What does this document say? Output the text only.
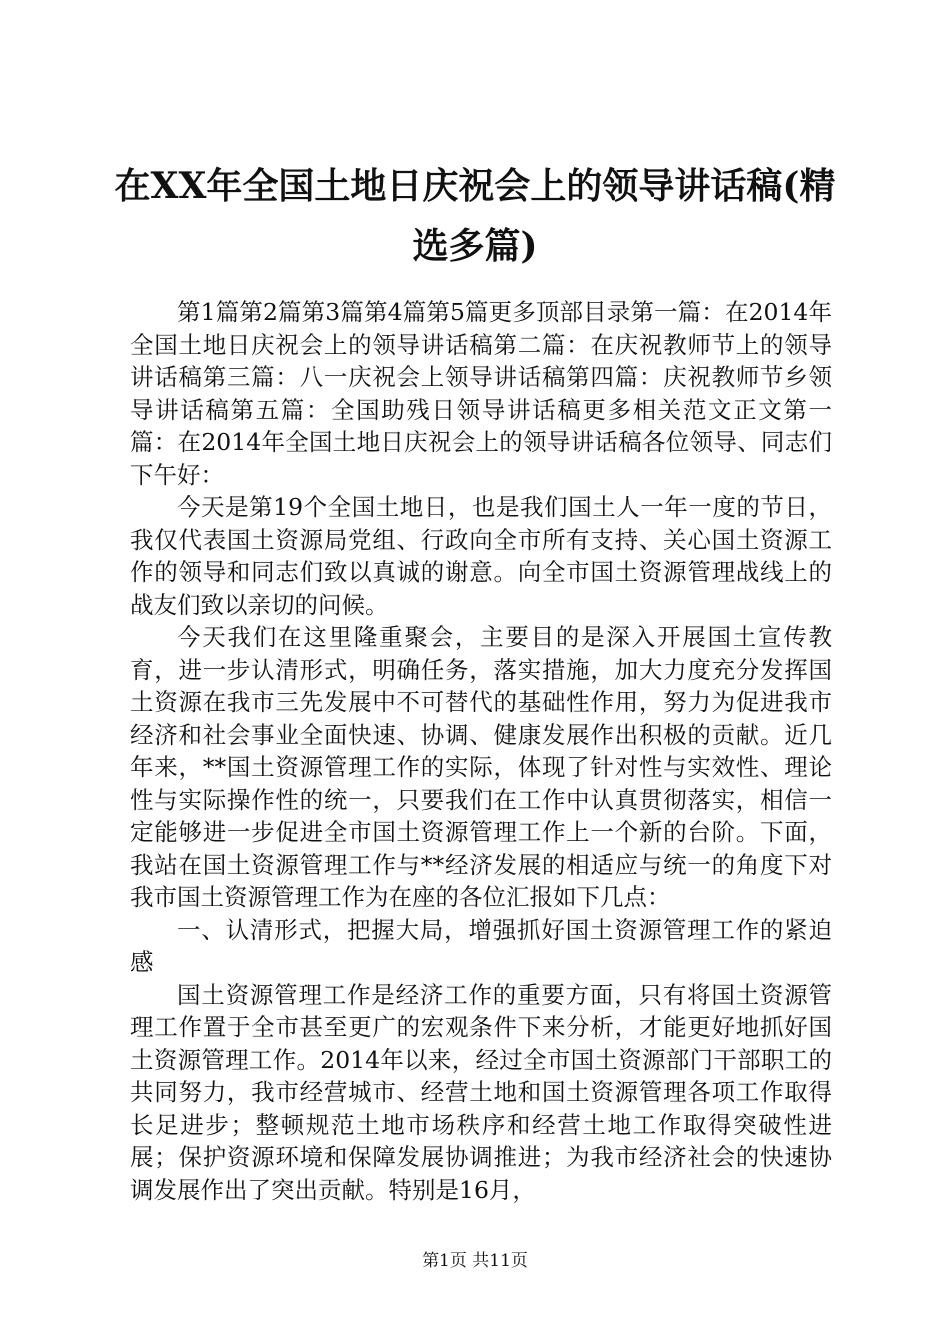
在XX年全国土地日庆祝会上的领导讲话稿(精选多篇)

第1篇第2篇第3篇第4篇第5篇更多顶部目录第一篇：在2014年全国土地日庆祝会上的领导讲话稿第二篇：在庆祝教师节上的领导讲话稿第三篇：八一庆祝会上领导讲话稿第四篇：庆祝教师节乡领导讲话稿第五篇：全国助残日领导讲话稿更多相关范文正文第一篇：在2014年全国土地日庆祝会上的领导讲话稿各位领导、同志们下午好：

今天是第19个全国土地日，也是我们国土人一年一度的节日，我仅代表国土资源局党组、行政向全市所有支持、关心国土资源工作的领导和同志们致以真诚的谢意。向全市国土资源管理战线上的战友们致以亲切的问候。

今天我们在这里隆重聚会，主要目的是深入开展国土宣传教育，进一步认清形式，明确任务，落实措施，加大力度充分发挥国土资源在我市三先发展中不可替代的基础性作用，努力为促进我市经济和社会事业全面快速、协调、健康发展作出积极的贡献。近几年来，**国土资源管理工作的实际，体现了针对性与实效性、理论性与实际操作性的统一，只要我们在工作中认真贯彻落实，相信一定能够进一步促进全市国土资源管理工作上一个新的台阶。下面，我站在国土资源管理工作与**经济发展的相适应与统一的角度下对我市国土资源管理工作为在座的各位汇报如下几点：

一、认清形式，把握大局，增强抓好国土资源管理工作的紧迫感

国土资源管理工作是经济工作的重要方面，只有将国土资源管理工作置于全市甚至更广的宏观条件下来分析，才能更好地抓好国土资源管理工作。2014年以来，经过全市国土资源部门干部职工的共同努力，我市经营城市、经营土地和国土资源管理各项工作取得长足进步；整顿规范土地市场秩序和经营土地工作取得突破性进展；保护资源环境和保障发展协调推进；为我市经济社会的快速协调发展作出了突出贡献。特别是16月，

第1页 共11页
